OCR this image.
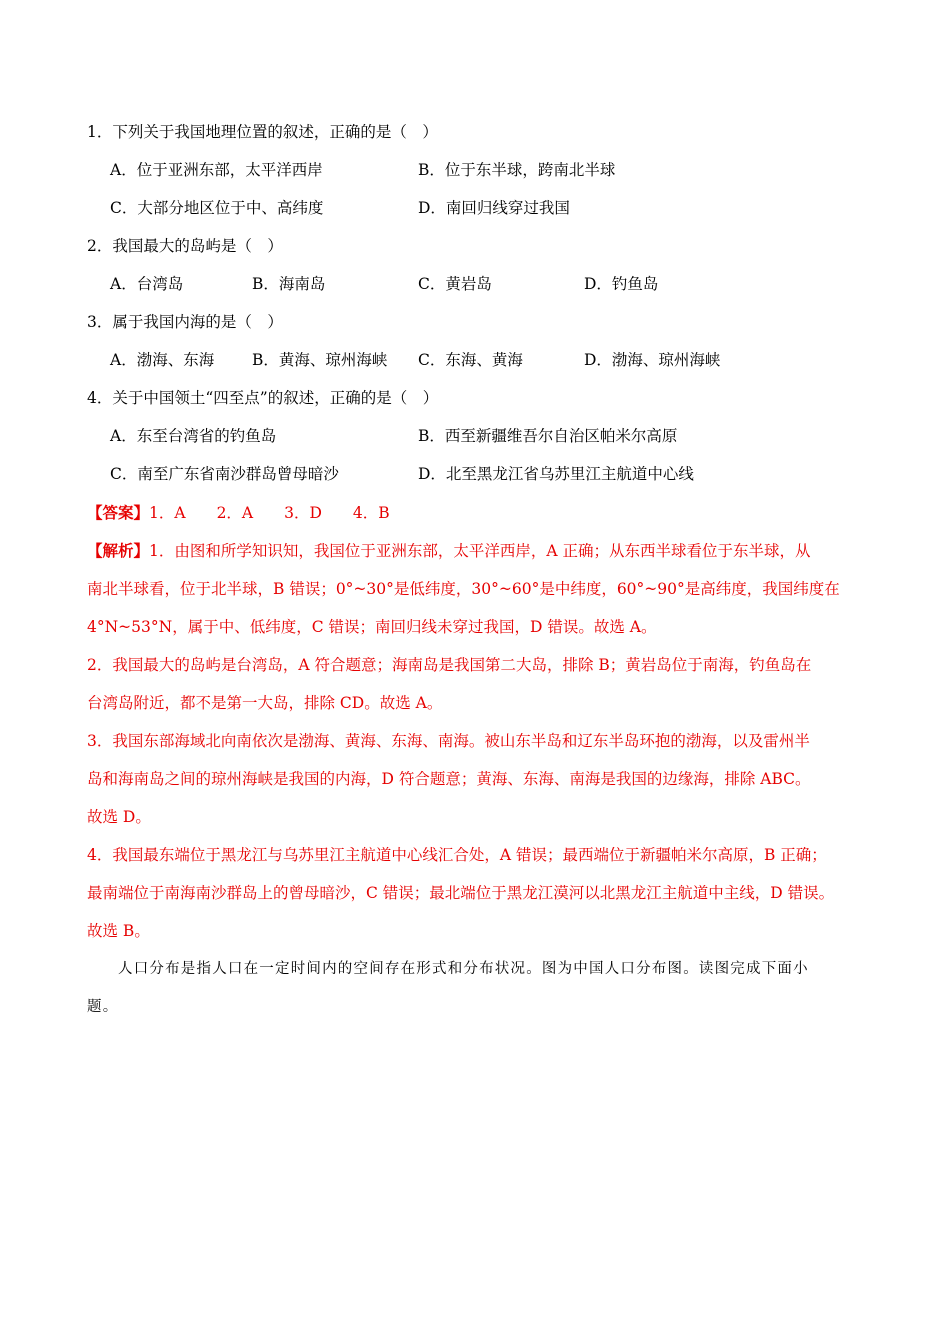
1．下列关于我国地理位置的叙述，正确的是（　）
A．位于亚洲东部，太平洋西岸	B．位于东半球，跨南北半球
C．大部分地区位于中、高纬度	D．南回归线穿过我国
2．我国最大的岛屿是（　）
A．台湾岛	B．海南岛	C．黄岩岛	D．钓鱼岛
3．属于我国内海的是（　）
A．渤海、东海 B．黄海、琼州海峡 C．东海、黄海	D．渤海、琼州海峡
4．关于中国领土“四至点”的叙述，正确的是（　）
A．东至台湾省的钓鱼岛	B．西至新疆维吾尔自治区帕米尔高原
C．南至广东省南沙群岛曾母暗沙	D．北至黑龙江省乌苏里江主航道中心线
【答案】1．A　　2．A　　3．D　　4．B
【解析】1．由图和所学知识知，我国位于亚洲东部，太平洋西岸，A 正确；从东西半球看位于东半球，从
南北半球看，位于北半球，B 错误；0°~30°是低纬度，30°~60°是中纬度，60°~90°是高纬度，我国纬度在
4°N~53°N，属于中、低纬度，C 错误；南回归线未穿过我国，D 错误。故选 A。
2．我国最大的岛屿是台湾岛，A 符合题意；海南岛是我国第二大岛，排除 B；黄岩岛位于南海，钓鱼岛在
台湾岛附近，都不是第一大岛，排除 CD。故选 A。
3．我国东部海域北向南依次是渤海、黄海、东海、南海。被山东半岛和辽东半岛环抱的渤海，以及雷州半
岛和海南岛之间的琼州海峡是我国的内海，D 符合题意；黄海、东海、南海是我国的边缘海，排除 ABC。
故选 D。
4．我国最东端位于黑龙江与乌苏里江主航道中心线汇合处，A 错误；最西端位于新疆帕米尔高原，B 正确；
最南端位于南海南沙群岛上的曾母暗沙，C 错误；最北端位于黑龙江漠河以北黑龙江主航道中主线，D 错误。
故选 B。
人口分布是指人口在一定时间内的空间存在形式和分布状况。图为中国人口分布图。读图完成下面小
题。
